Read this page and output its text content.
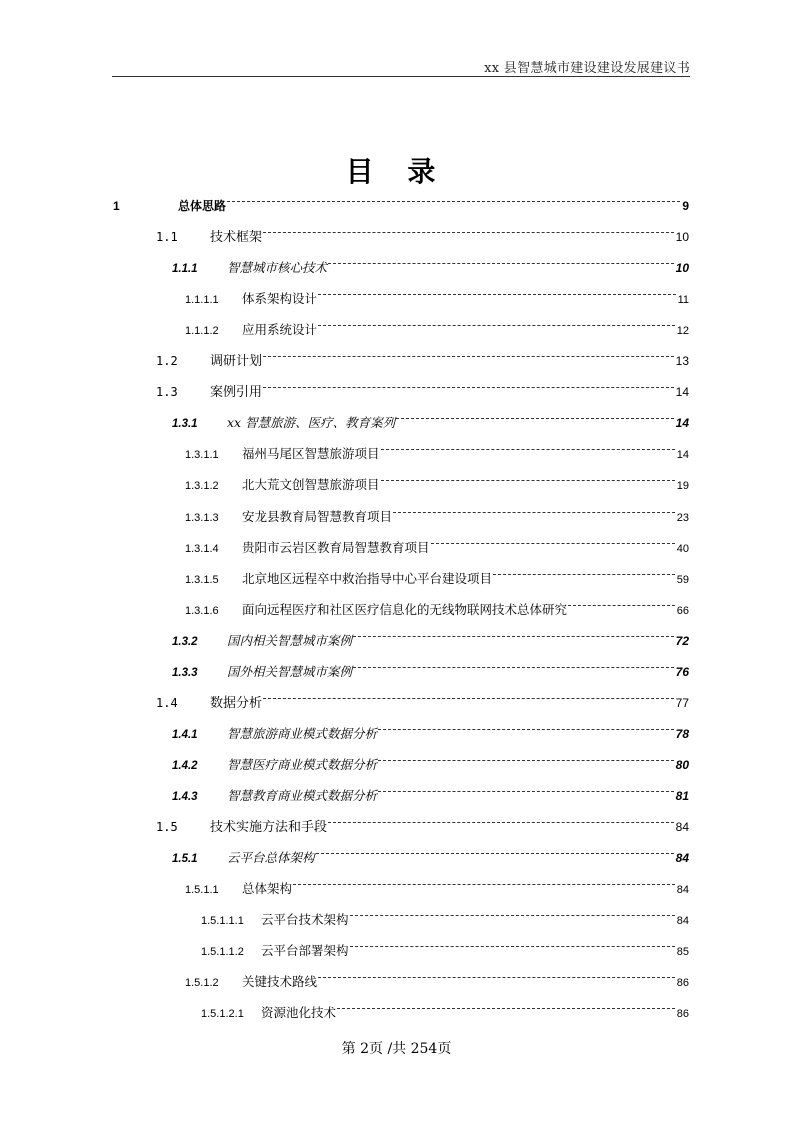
xx 县智慧城市建设建设发展建议书
目 录
1	总体思路	9
1.1	技术框架	10
1.1.1	智慧城市核心技术	10
1.1.1.1	体系架构设计	11
1.1.1.2	应用系统设计	12
1.2	调研计划	13
1.3	案例引用	14
1.3.1	xx 智慧旅游、医疗、教育案列	14
1.3.1.1	福州马尾区智慧旅游项目	14
1.3.1.2	北大荒文创智慧旅游项目	19
1.3.1.3	安龙县教育局智慧教育项目	23
1.3.1.4	贵阳市云岩区教育局智慧教育项目	40
1.3.1.5	北京地区远程卒中救治指导中心平台建设项目	59
1.3.1.6	面向远程医疗和社区医疗信息化的无线物联网技术总体研究	66
1.3.2	国内相关智慧城市案例	72
1.3.3	国外相关智慧城市案例	76
1.4	数据分析	77
1.4.1	智慧旅游商业模式数据分析	78
1.4.2	智慧医疗商业模式数据分析	80
1.4.3	智慧教育商业模式数据分析	81
1.5	技术实施方法和手段	84
1.5.1	云平台总体架构	84
1.5.1.1	总体架构	84
1.5.1.1.1	云平台技术架构	84
1.5.1.1.2	云平台部署架构	85
1.5.1.2	关键技术路线	86
1.5.1.2.1	资源池化技术	86
第 2页 /共 254页
